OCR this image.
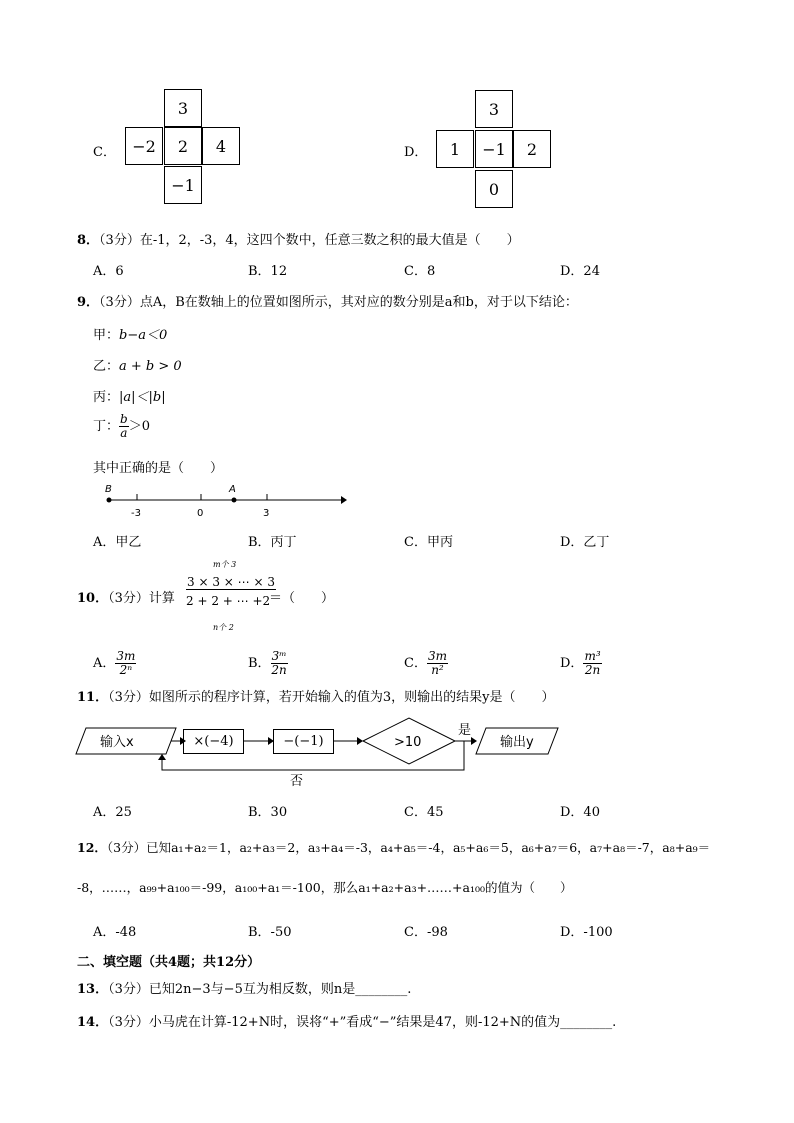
C．
3
−2	2	4
−1
D．
3
1	−1	2
0
8．（3分）在-1，2，-3，4，这四个数中，任意三数之积的最大值是（　　）
A．6	B．12	C．8	D．24
9．（3分）点A，B在数轴上的位置如图所示，其对应的数分别是a和b，对于以下结论：
甲：b−a＜0
乙：a + b > 0
丙：|a|＜|b|
丁： $\frac{b}{a} >0$
其中正确的是（　　）
B	A
-3	0	3
A．甲乙	B．丙丁	C．甲丙	D．乙丁
m个 3
10．（3分）计算
3 × 3 × ⋯ × 3
2 + 2 + ⋯ +2
n个 2
＝（　　）
A． $\frac{3m}{\text{2ⁿ}}$	B． $\frac{\text{3ᵐ}}{2n}$	C． $\frac{3m}{\text{n²}}$	D． $\frac{\text{m³}}{2n}$
11．（3分）如图所示的程序计算，若开始输入的值为3，则输出的结果y是（　　）
输入x
是
否
>10	输出y
×(−4)	−(−1)
A．25	B．30	C．45	D．40
12．（3分）已知a₁+a₂＝1，a₂+a₃＝2，a₃+a₄＝-3，a₄+a₅＝-4，a₅+a₆＝5，a₆+a₇＝6，a₇+a₈＝-7，a₈+a₉＝
-8，……，a₉₉+a₁₀₀＝-99，a₁₀₀+a₁＝-100，那么a₁+a₂+a₃+……+a₁₀₀的值为（　　）
A．-48	B．-50	C．-98	D．-100
二、填空题（共4题；共12分）
13．（3分）已知2n−3与−5互为相反数，则n是________.
14．（3分）小马虎在计算-12+N时，误将“+”看成“−”结果是47，则-12+N的值为________.
